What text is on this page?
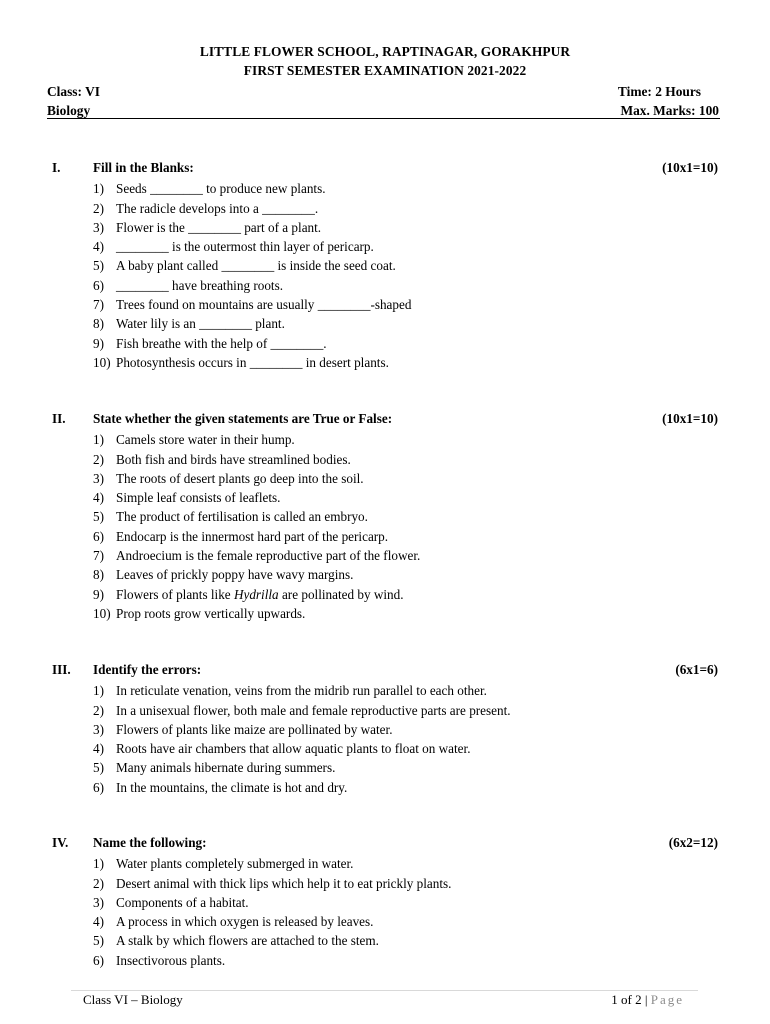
LITTLE FLOWER SCHOOL, RAPTINAGAR, GORAKHPUR
FIRST SEMESTER EXAMINATION 2021-2022
Class: VI
Biology
Time: 2 Hours
Max. Marks: 100
I. Fill in the Blanks:	(10x1=10)
1) Seeds ________ to produce new plants.
2) The radicle develops into a ________.
3) Flower is the ________ part of a plant.
4) ________ is the outermost thin layer of pericarp.
5) A baby plant called ________ is inside the seed coat.
6) ________ have breathing roots.
7) Trees found on mountains are usually ________-shaped
8) Water lily is an ________ plant.
9) Fish breathe with the help of ________.
10) Photosynthesis occurs in ________ in desert plants.
II. State whether the given statements are True or False:	(10x1=10)
1) Camels store water in their hump.
2) Both fish and birds have streamlined bodies.
3) The roots of desert plants go deep into the soil.
4) Simple leaf consists of leaflets.
5) The product of fertilisation is called an embryo.
6) Endocarp is the innermost hard part of the pericarp.
7) Androecium is the female reproductive part of the flower.
8) Leaves of prickly poppy have wavy margins.
9) Flowers of plants like Hydrilla are pollinated by wind.
10) Prop roots grow vertically upwards.
III. Identify the errors:	(6x1=6)
1) In reticulate venation, veins from the midrib run parallel to each other.
2) In a unisexual flower, both male and female reproductive parts are present.
3) Flowers of plants like maize are pollinated by water.
4) Roots have air chambers that allow aquatic plants to float on water.
5) Many animals hibernate during summers.
6) In the mountains, the climate is hot and dry.
IV. Name the following:	(6x2=12)
1) Water plants completely submerged in water.
2) Desert animal with thick lips which help it to eat prickly plants.
3) Components of a habitat.
4) A process in which oxygen is released by leaves.
5) A stalk by which flowers are attached to the stem.
6) Insectivorous plants.
Class VI – Biology	1 of 2 | Page
